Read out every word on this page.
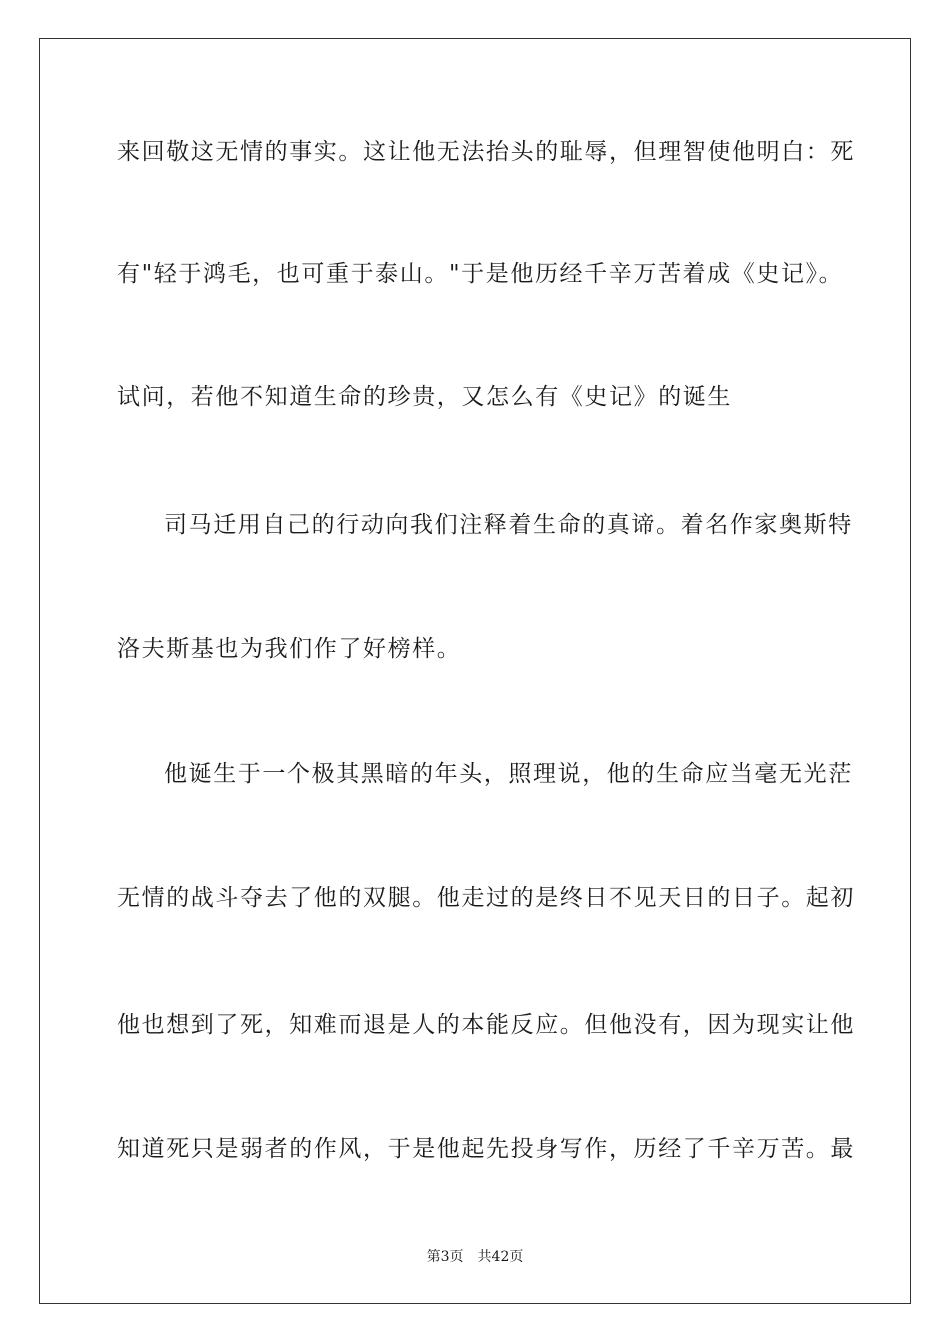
来回敬这无情的事实。这让他无法抬头的耻辱，但理智使他明白：死
有"轻于鸿毛，也可重于泰山。"于是他历经千辛万苦着成《史记》。
试问，若他不知道生命的珍贵，又怎么有《史记》的诞生
司马迁用自己的行动向我们注释着生命的真谛。着名作家奥斯特
洛夫斯基也为我们作了好榜样。
他诞生于一个极其黑暗的年头，照理说，他的生命应当毫无光茫
无情的战斗夺去了他的双腿。他走过的是终日不见天日的日子。起初
他也想到了死，知难而退是人的本能反应。但他没有，因为现实让他
知道死只是弱者的作风，于是他起先投身写作，历经了千辛万苦。最
第3页 共42页
